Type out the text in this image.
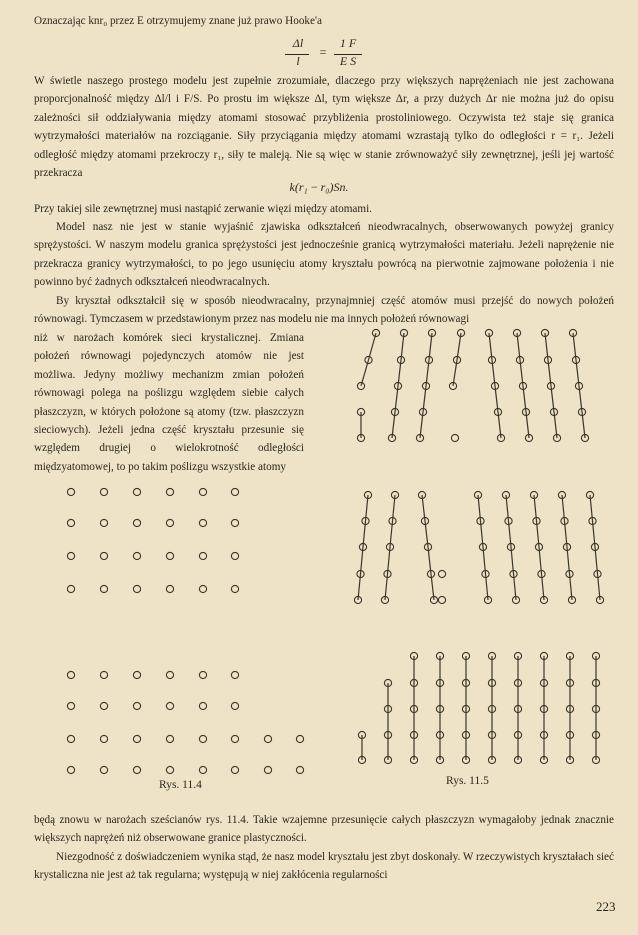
Oznaczając knr₀ przez E otrzymujemy znane już prawo Hooke'a

Δl
l
=
1 F
E S

W świetle naszego prostego modelu jest zupełnie zrozumiałe, dlaczego przy większych naprężeniach nie jest zachowana proporcjonalność między Δl/l i F/S. Po prostu im większe Δl, tym większe Δr, a przy dużych Δr nie można już do opisu zależności sił oddziaływania między atomami stosować przybliżenia prostoliniowego. Oczywista też staje się granica wytrzymałości materiałów na rozciąganie. Siły przyciągania między atomami wzrastają tylko do odległości r = r₁. Jeżeli odległość między atomami przekroczy r₁, siły te maleją. Nie są więc w stanie zrównoważyć siły zewnętrznej, jeśli jej wartość przekracza

k(r₁ − r₀)Sn.

Przy takiej sile zewnętrznej musi nastąpić zerwanie więzi między atomami.

Model nasz nie jest w stanie wyjaśnić zjawiska odkształceń nieodwracalnych, obserwowanych powyżej granicy sprężystości. W naszym modelu granica sprężystości jest jednocześnie granicą wytrzymałości materiału. Jeżeli naprężenie nie przekracza granicy wytrzymałości, to po jego usunięciu atomy kryształu powrócą na pierwotnie zajmowane położenia i nie powinno być żadnych odkształceń nieodwracalnych.

By kryształ odkształcił się w sposób nieodwracalny, przynajmniej część atomów musi przejść do nowych położeń równowagi. Tymczasem w przedstawionym przez nas modelu nie ma innych położeń równowagi

niż w narożach komórek sieci krystalicznej. Zmiana położeń równowagi pojedynczych atomów nie jest możliwa. Jedyny możliwy mechanizm zmian położeń równowagi polega na poślizgu względem siebie całych płaszczyzn, w których położone są atomy (tzw. płaszczyzn sieciowych). Jeżeli jedna część kryształu przesunie się względem drugiej o wielokrotność odległości międzyatomowej, to po takim poślizgu wszystkie atomy

Rys. 11.4	Rys. 11.5

będą znowu w narożach sześcianów rys. 11.4. Takie wzajemne przesunięcie całych płaszczyzn wymagałoby jednak znacznie większych naprężeń niż obserwowane granice plastyczności.

Niezgodność z doświadczeniem wynika stąd, że nasz model kryształu jest zbyt doskonały. W rzeczywistych kryształach sieć krystaliczna nie jest aż tak regularna; występują w niej zakłócenia regularności

223
